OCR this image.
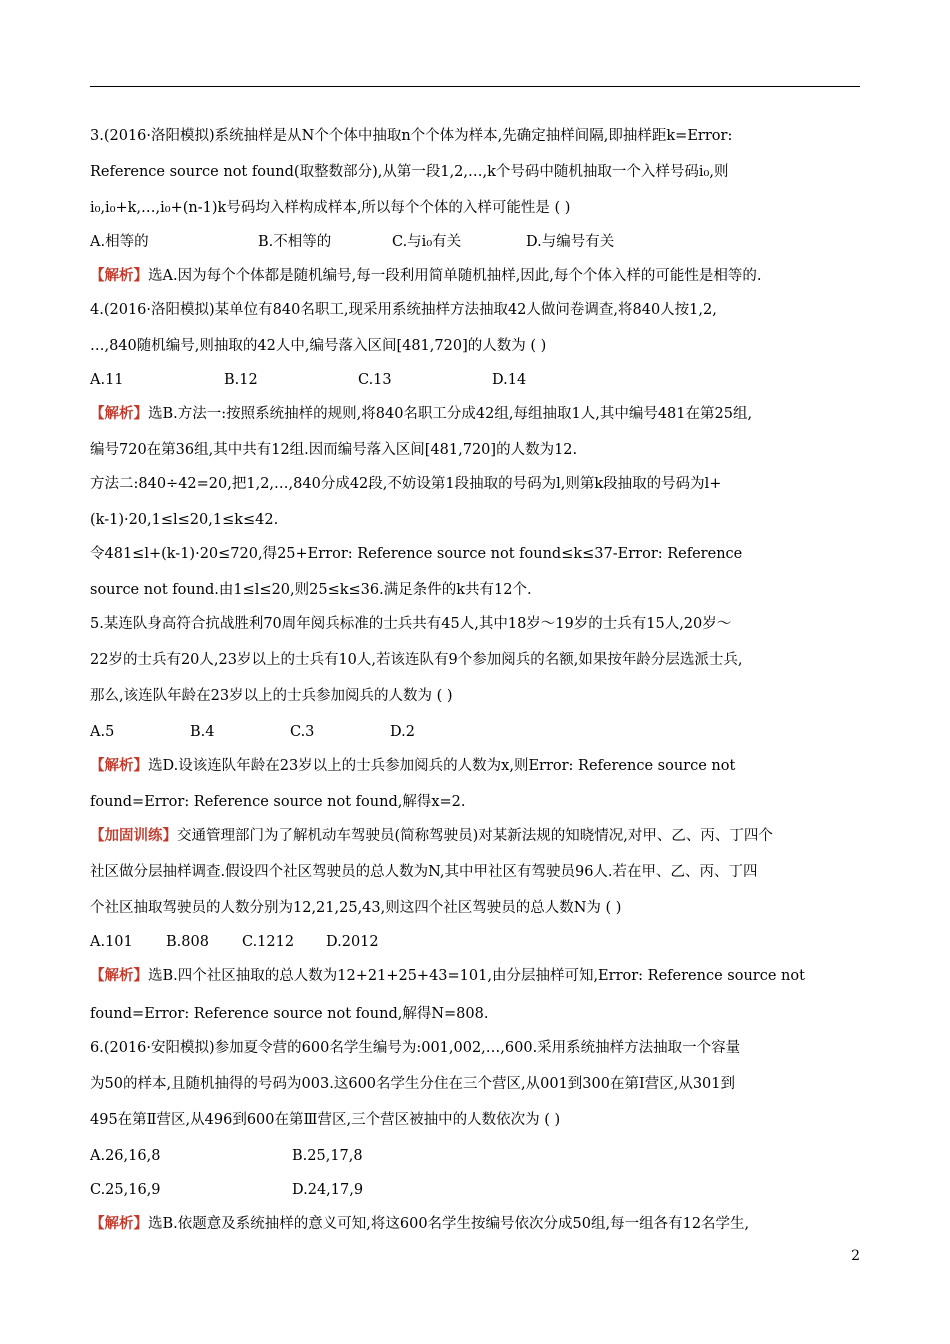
3.(2016·洛阳模拟)系统抽样是从N个个体中抽取n个个体为样本,先确定抽样间隔,即抽样距k=Error:
Reference source not found(取整数部分),从第一段1,2,…,k个号码中随机抽取一个入样号码i₀,则
i₀,i₀+k,…,i₀+(n-1)k号码均入样构成样本,所以每个个体的入样可能性是 ( )
A.相等的	B.不相等的	C.与i₀有关	D.与编号有关
【解析】选A.因为每个个体都是随机编号,每一段利用简单随机抽样,因此,每个个体入样的可能性是相等的.
4.(2016·洛阳模拟)某单位有840名职工,现采用系统抽样方法抽取42人做问卷调查,将840人按1,2,
…,840随机编号,则抽取的42人中,编号落入区间[481,720]的人数为 ( )
A.11	B.12	C.13	D.14
【解析】选B.方法一:按照系统抽样的规则,将840名职工分成42组,每组抽取1人,其中编号481在第25组,
编号720在第36组,其中共有12组.因而编号落入区间[481,720]的人数为12.
方法二:840÷42=20,把1,2,…,840分成42段,不妨设第1段抽取的号码为l,则第k段抽取的号码为l+
(k-1)·20,1≤l≤20,1≤k≤42.
令481≤l+(k-1)·20≤720,得25+Error: Reference source not found≤k≤37-Error: Reference
source not found.由1≤l≤20,则25≤k≤36.满足条件的k共有12个.
5.某连队身高符合抗战胜利70周年阅兵标准的士兵共有45人,其中18岁～19岁的士兵有15人,20岁～
22岁的士兵有20人,23岁以上的士兵有10人,若该连队有9个参加阅兵的名额,如果按年龄分层选派士兵,
那么,该连队年龄在23岁以上的士兵参加阅兵的人数为 ( )
A.5	B.4	C.3	D.2
【解析】选D.设该连队年龄在23岁以上的士兵参加阅兵的人数为x,则Error: Reference source not
found=Error: Reference source not found,解得x=2.
【加固训练】交通管理部门为了解机动车驾驶员(简称驾驶员)对某新法规的知晓情况,对甲、乙、丙、丁四个
社区做分层抽样调查.假设四个社区驾驶员的总人数为N,其中甲社区有驾驶员96人.若在甲、乙、丙、丁四
个社区抽取驾驶员的人数分别为12,21,25,43,则这四个社区驾驶员的总人数N为 ( )
A.101 B.808 C.1212 D.2012
【解析】选B.四个社区抽取的总人数为12+21+25+43=101,由分层抽样可知,Error: Reference source not
found=Error: Reference source not found,解得N=808.
6.(2016·安阳模拟)参加夏令营的600名学生编号为:001,002,…,600.采用系统抽样方法抽取一个容量
为50的样本,且随机抽得的号码为003.这600名学生分住在三个营区,从001到300在第Ⅰ营区,从301到
495在第Ⅱ营区,从496到600在第Ⅲ营区,三个营区被抽中的人数依次为 ( )
A.26,16,8	B.25,17,8
C.25,16,9	D.24,17,9
【解析】选B.依题意及系统抽样的意义可知,将这600名学生按编号依次分成50组,每一组各有12名学生,
2
